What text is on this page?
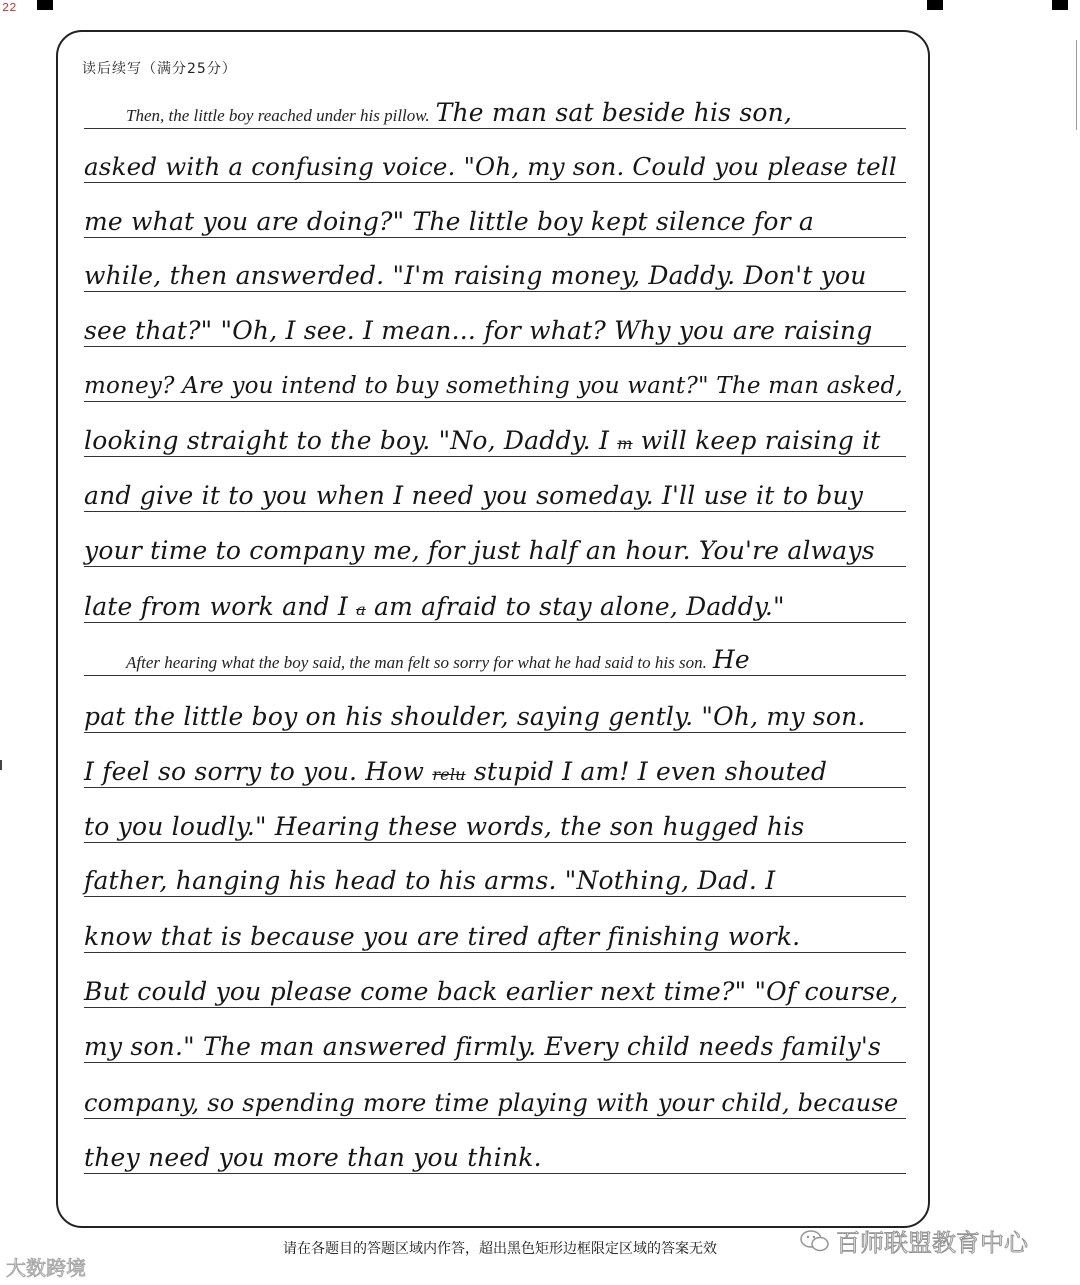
22
读后续写（满分25分）
Then, the little boy reached under his pillow. The man sat beside his son,
asked with a confusing voice. "Oh, my son. Could you please tell
me what you are doing?" The little boy kept silence for a
while, then answerded. "I'm raising money, Daddy. Don't you
see that?" "Oh, I see. I mean... for what? Why you are raising
money? Are you intend to buy something you want?" The man asked,
looking straight to the boy. "No, Daddy. I m will keep raising it
and give it to you when I need you someday. I'll use it to buy
your time to company me, for just half an hour. You're always
late from work and I a am afraid to stay alone, Daddy."
After hearing what the boy said, the man felt so sorry for what he had said to his son. He
pat the little boy on his shoulder, saying gently. "Oh, my son.
I feel so sorry to you. How relu stupid I am! I even shouted
to you loudly." Hearing these words, the son hugged his
father, hanging his head to his arms. "Nothing, Dad. I
know that is because you are tired after finishing work.
But could you please come back earlier next time?" "Of course,
my son." The man answered firmly. Every child needs family's
company, so spending more time playing with your child, because
they need you more than you think.
请在各题目的答题区域内作答，超出黑色矩形边框限定区域的答案无效
大数跨境
百师联盟教育中心
